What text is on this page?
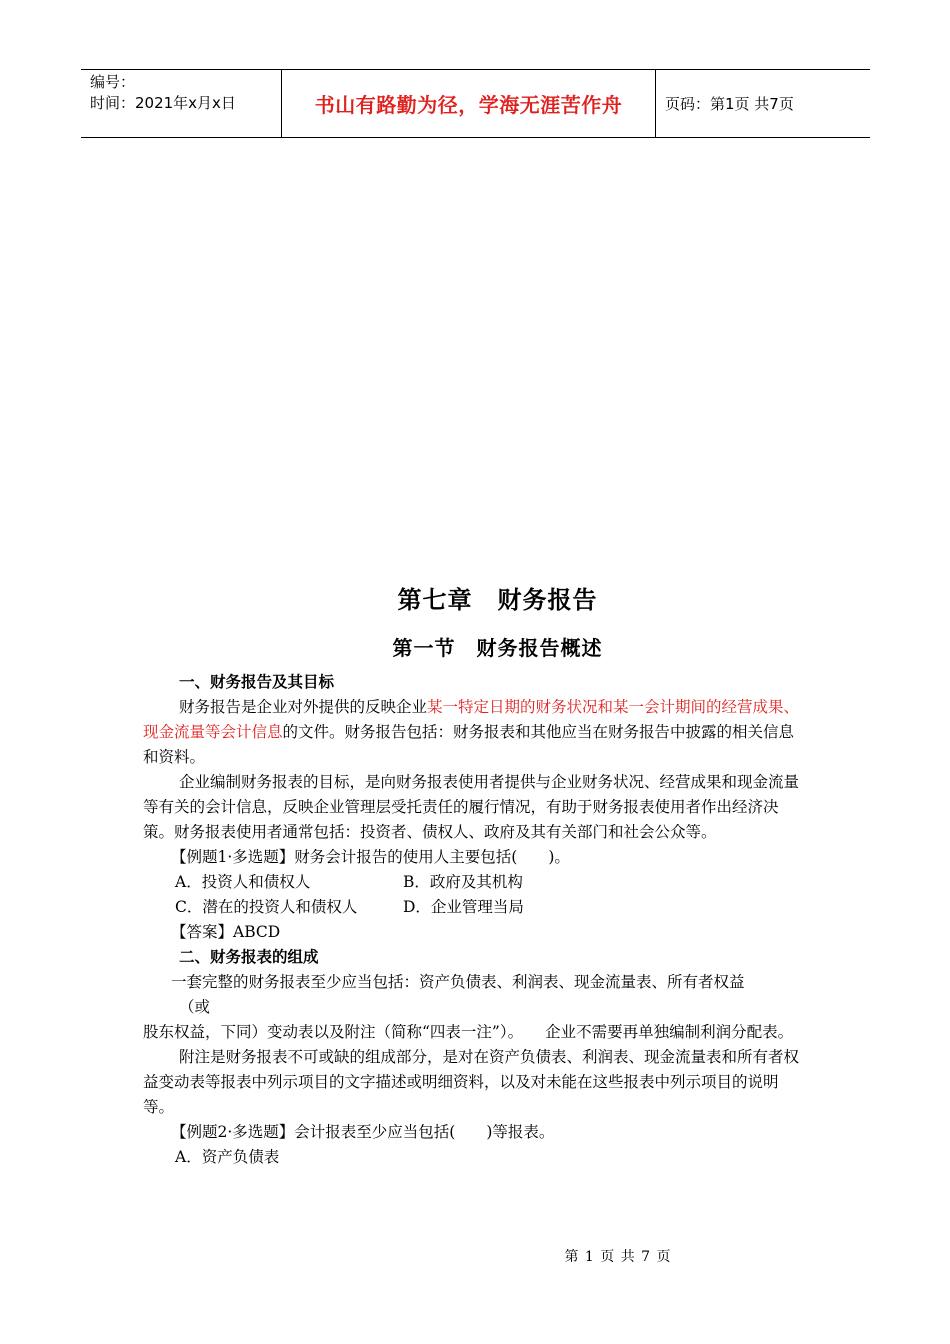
编号：
时间：2021年x月x日	书山有路勤为径，学海无涯苦作舟	页码：第1页 共7页
第七章　财务报告
第一节　财务报告概述

一、财务报告及其目标

财务报告是企业对外提供的反映企业某一特定日期的财务状况和某一会计期间的经营成果、现金流量等会计信息的文件。财务报告包括：财务报表和其他应当在财务报告中披露的相关信息和资料。

企业编制财务报表的目标，是向财务报表使用者提供与企业财务状况、经营成果和现金流量等有关的会计信息，反映企业管理层受托责任的履行情况，有助于财务报表使用者作出经济决策。财务报表使用者通常包括：投资者、债权人、政府及其有关部门和社会公众等。

【例题1·多选题】财务会计报告的使用人主要包括(　　)。

A．投资人和债权人	B．政府及其机构
C．潜在的投资人和债权人	D．企业管理当局

【答案】ABCD

二、财务报表的组成

一套完整的财务报表至少应当包括：资产负债表、利润表、现金流量表、所有者权益

（或

股东权益，下同）变动表以及附注（简称“四表一注”）。 企业不需要再单独编制利润分配表。

附注是财务报表不可或缺的组成部分，是对在资产负债表、利润表、现金流量表和所有者权益变动表等报表中列示项目的文字描述或明细资料，以及对未能在这些报表中列示项目的说明等。

【例题2·多选题】会计报表至少应当包括(　　)等报表。

A．资产负债表

第 1 页 共 7 页
